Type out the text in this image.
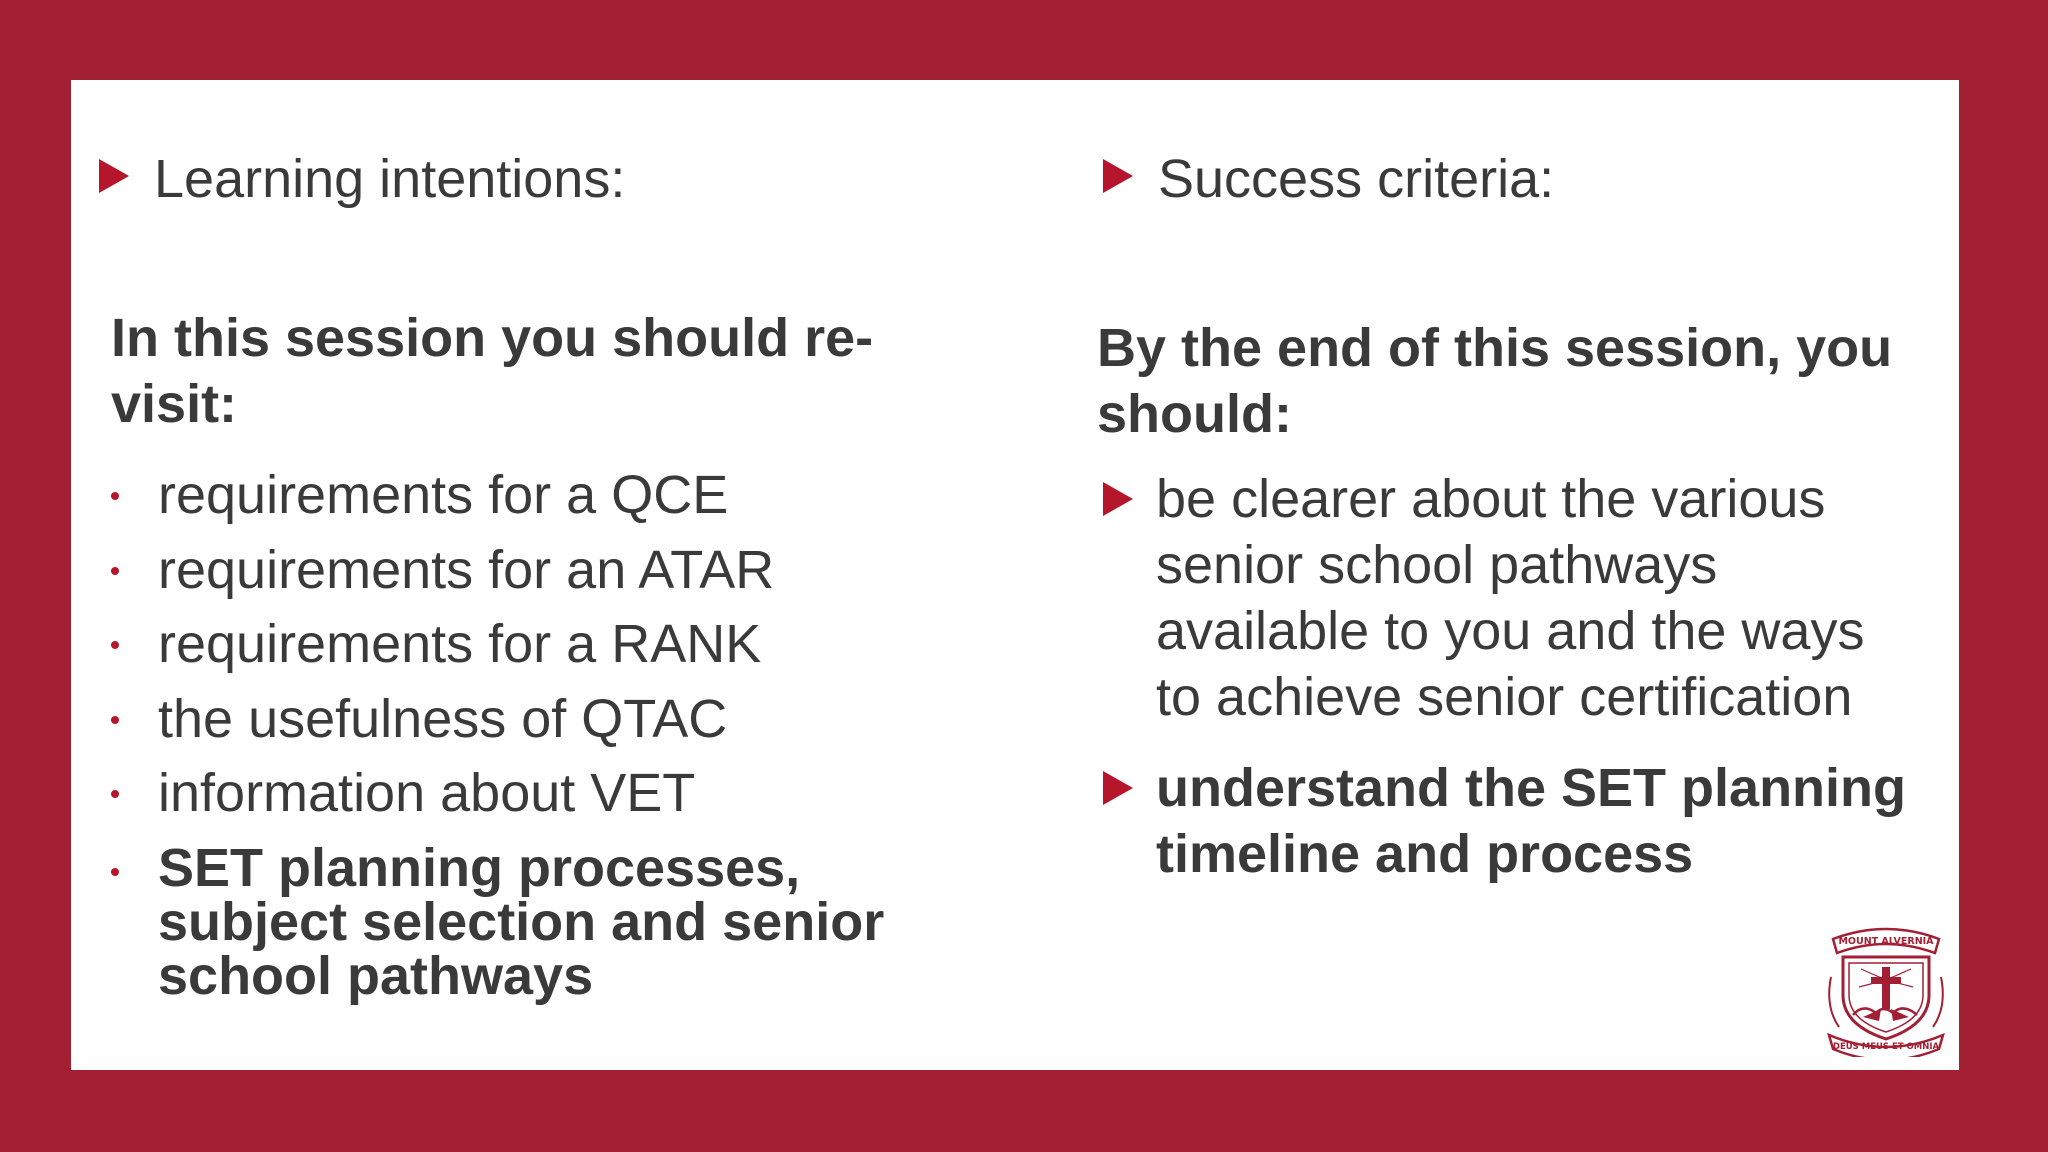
Learning intentions:
In this session you should re-visit:
requirements for a QCE
requirements for an ATAR
requirements for a RANK
the usefulness of QTAC
information about VET
SET planning processes, subject selection and senior school pathways
Success criteria:
By the end of this session, you should:
be clearer about the various senior school pathways available to you and the ways to achieve senior certification
understand the SET planning timeline and process
MOUNT ALVERNIA
DEUS MEUS ET OMNIA
